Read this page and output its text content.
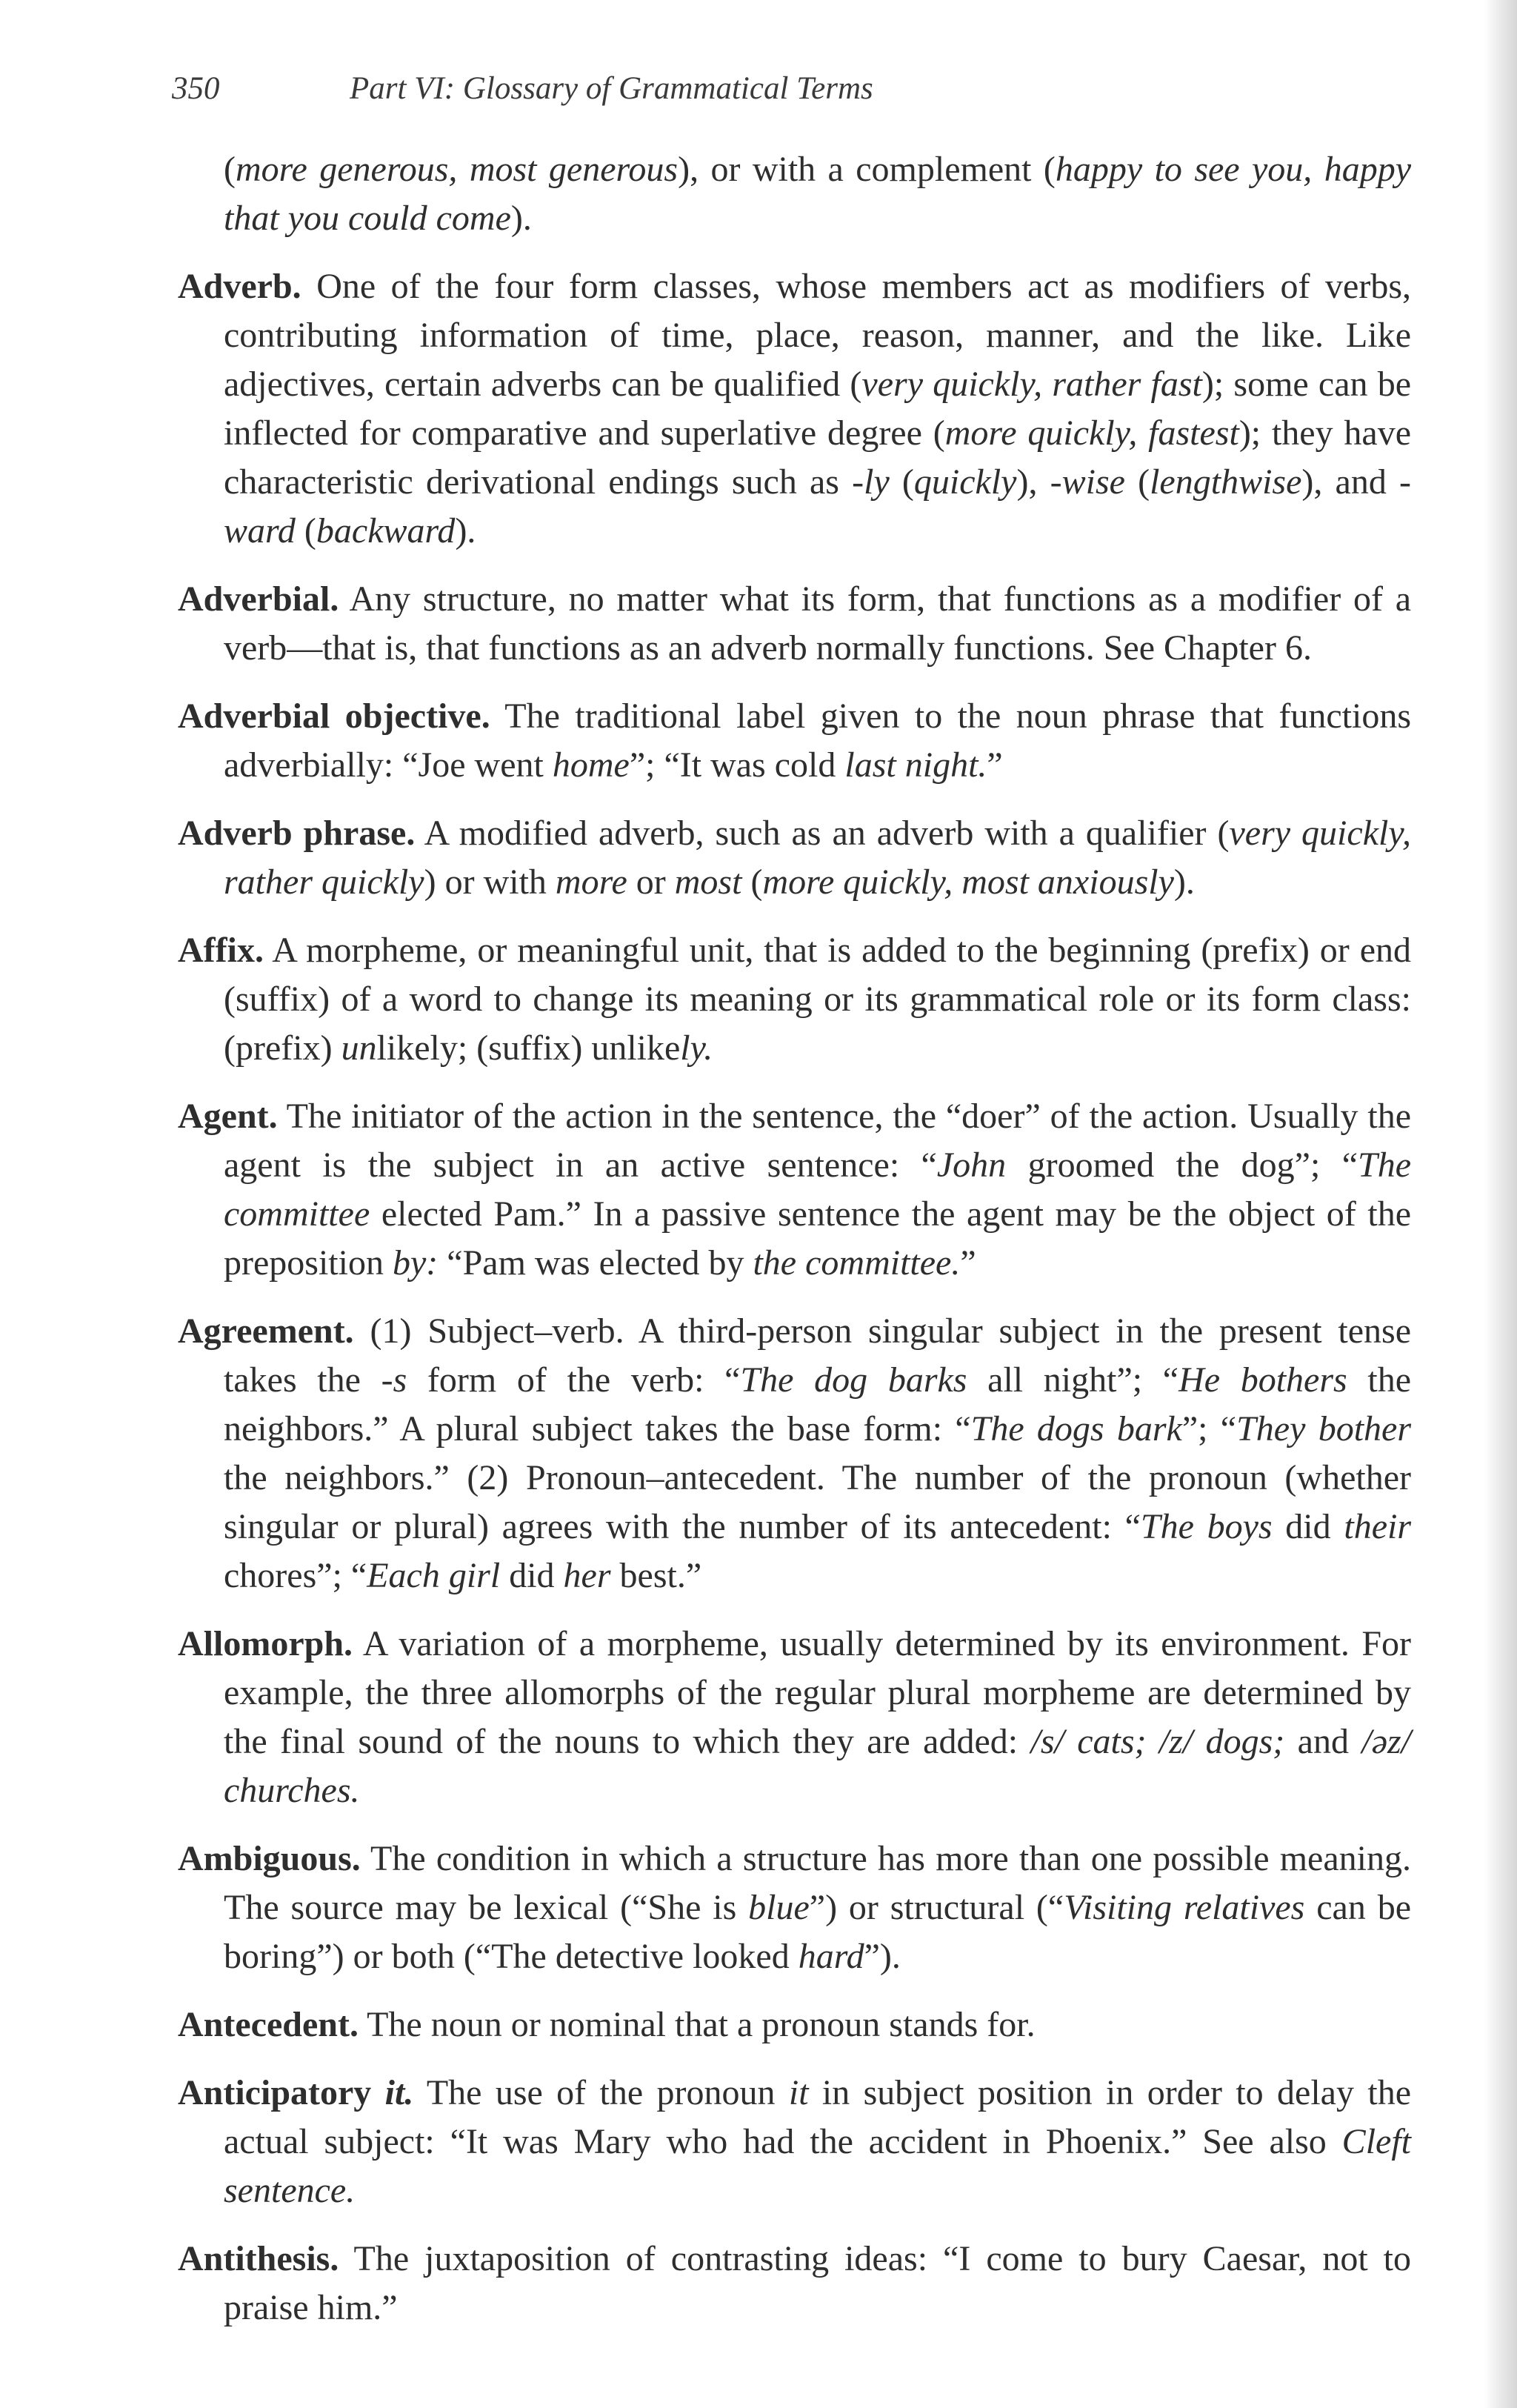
350	Part VI: Glossary of Grammatical Terms

(more generous, most generous), or with a complement (happy to see you, happy that you could come).

Adverb. One of the four form classes, whose members act as modifiers of verbs, contributing information of time, place, reason, manner, and the like. Like adjectives, certain adverbs can be qualified (very quickly, rather fast); some can be inflected for comparative and superlative degree (more quickly, fastest); they have characteristic derivational endings such as -ly (quickly), -wise (lengthwise), and -ward (backward).

Adverbial. Any structure, no matter what its form, that functions as a modifier of a verb—that is, that functions as an adverb normally functions. See Chapter 6.

Adverbial objective. The traditional label given to the noun phrase that functions adverbially: “Joe went home”; “It was cold last night.”

Adverb phrase. A modified adverb, such as an adverb with a qualifier (very quickly, rather quickly) or with more or most (more quickly, most anxiously).

Affix. A morpheme, or meaningful unit, that is added to the beginning (prefix) or end (suffix) of a word to change its meaning or its grammatical role or its form class: (prefix) unlikely; (suffix) unlikely.

Agent. The initiator of the action in the sentence, the “doer” of the action. Usually the agent is the subject in an active sentence: “John groomed the dog”; “The committee elected Pam.” In a passive sentence the agent may be the object of the preposition by: “Pam was elected by the committee.”

Agreement. (1) Subject–verb. A third-person singular subject in the present tense takes the -s form of the verb: “The dog barks all night”; “He bothers the neighbors.” A plural subject takes the base form: “The dogs bark”; “They bother the neighbors.” (2) Pronoun–antecedent. The number of the pronoun (whether singular or plural) agrees with the number of its antecedent: “The boys did their chores”; “Each girl did her best.”

Allomorph. A variation of a morpheme, usually determined by its environment. For example, the three allomorphs of the regular plural morpheme are determined by the final sound of the nouns to which they are added: /s/ cats; /z/ dogs; and /əz/ churches.

Ambiguous. The condition in which a structure has more than one possible meaning. The source may be lexical (“She is blue”) or structural (“Visiting relatives can be boring”) or both (“The detective looked hard”).

Antecedent. The noun or nominal that a pronoun stands for.

Anticipatory it. The use of the pronoun it in subject position in order to delay the actual subject: “It was Mary who had the accident in Phoenix.” See also Cleft sentence.

Antithesis. The juxtaposition of contrasting ideas: “I come to bury Caesar, not to praise him.”
